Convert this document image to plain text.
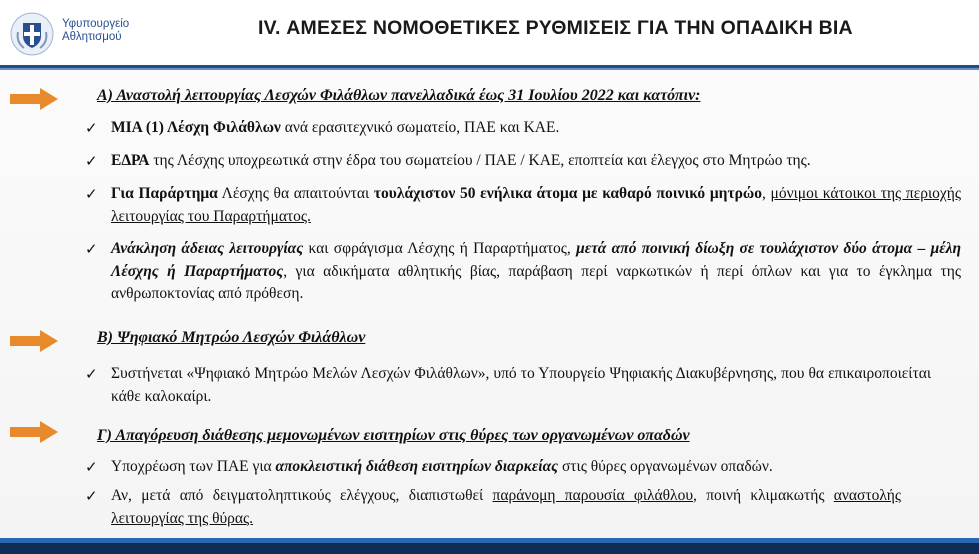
Υφυπουργείο
Αθλητισμού	IV. ΑΜΕΣΕΣ ΝΟΜΟΘΕΤΙΚΕΣ ΡΥΘΜΙΣΕΙΣ ΓΙΑ ΤΗΝ ΟΠΑΔΙΚΗ ΒΙΑ
Α) Αναστολή λειτουργίας Λεσχών Φιλάθλων πανελλαδικά έως 31 Ιουλίου 2022 και κατόπιν:
✓ ΜΙΑ (1) Λέσχη Φιλάθλων ανά ερασιτεχνικό σωματείο, ΠΑΕ και ΚΑΕ.
✓ ΕΔΡΑ της Λέσχης υποχρεωτικά στην έδρα του σωματείου / ΠΑΕ / ΚΑΕ, εποπτεία και έλεγχος στο Μητρώο της.
✓ Για Παράρτημα Λέσχης θα απαιτούνται τουλάχιστον 50 ενήλικα άτομα με καθαρό ποινικό μητρώο, μόνιμοι κάτοικοι της περιοχής λειτουργίας του Παραρτήματος.
✓ Ανάκληση άδειας λειτουργίας και σφράγισμα Λέσχης ή Παραρτήματος, μετά από ποινική δίωξη σε τουλάχιστον δύο άτομα – μέλη Λέσχης ή Παραρτήματος, για αδικήματα αθλητικής βίας, παράβαση περί ναρκωτικών ή περί όπλων και για το έγκλημα της ανθρωποκτονίας από πρόθεση.
Β) Ψηφιακό Μητρώο Λεσχών Φιλάθλων
✓ Συστήνεται «Ψηφιακό Μητρώο Μελών Λεσχών Φιλάθλων», υπό το Υπουργείο Ψηφιακής Διακυβέρνησης, που θα επικαιροποιείται κάθε καλοκαίρι.
Γ) Απαγόρευση διάθεσης μεμονωμένων εισιτηρίων στις θύρες των οργανωμένων οπαδών
✓ Υποχρέωση των ΠΑΕ για αποκλειστική διάθεση εισιτηρίων διαρκείας στις θύρες οργανωμένων οπαδών.
✓ Αν, μετά από δειγματοληπτικούς ελέγχους, διαπιστωθεί παράνομη παρουσία φιλάθλου, ποινή κλιμακωτής αναστολής λειτουργίας της θύρας.
